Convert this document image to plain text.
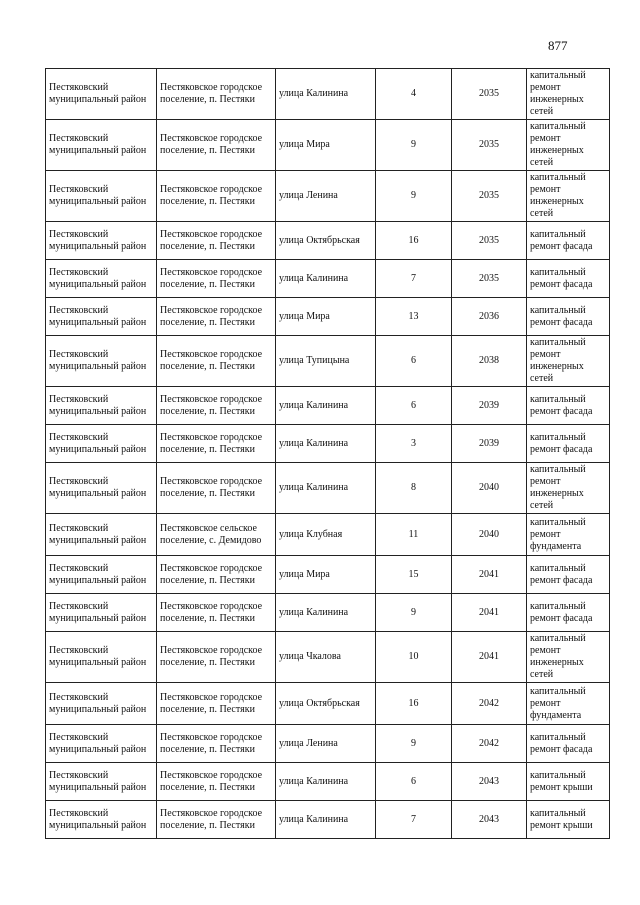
877
Пестяковский муниципальный район	Пестяковское городское поселение, п. Пестяки	улица Калинина	4	2035	капитальный ремонт инженерных сетей
Пестяковский муниципальный район	Пестяковское городское поселение, п. Пестяки	улица Мира	9	2035	капитальный ремонт инженерных сетей
Пестяковский муниципальный район	Пестяковское городское поселение, п. Пестяки	улица Ленина	9	2035	капитальный ремонт инженерных сетей
Пестяковский муниципальный район	Пестяковское городское поселение, п. Пестяки	улица Октябрьская	16	2035	капитальный ремонт фасада
Пестяковский муниципальный район	Пестяковское городское поселение, п. Пестяки	улица Калинина	7	2035	капитальный ремонт фасада
Пестяковский муниципальный район	Пестяковское городское поселение, п. Пестяки	улица Мира	13	2036	капитальный ремонт фасада
Пестяковский муниципальный район	Пестяковское городское поселение, п. Пестяки	улица Тупицына	6	2038	капитальный ремонт инженерных сетей
Пестяковский муниципальный район	Пестяковское городское поселение, п. Пестяки	улица Калинина	6	2039	капитальный ремонт фасада
Пестяковский муниципальный район	Пестяковское городское поселение, п. Пестяки	улица Калинина	3	2039	капитальный ремонт фасада
Пестяковский муниципальный район	Пестяковское городское поселение, п. Пестяки	улица Калинина	8	2040	капитальный ремонт инженерных сетей
Пестяковский муниципальный район	Пестяковское сельское поселение, с. Демидово	улица Клубная	11	2040	капитальный ремонт фундамента
Пестяковский муниципальный район	Пестяковское городское поселение, п. Пестяки	улица Мира	15	2041	капитальный ремонт фасада
Пестяковский муниципальный район	Пестяковское городское поселение, п. Пестяки	улица Калинина	9	2041	капитальный ремонт фасада
Пестяковский муниципальный район	Пестяковское городское поселение, п. Пестяки	улица Чкалова	10	2041	капитальный ремонт инженерных сетей
Пестяковский муниципальный район	Пестяковское городское поселение, п. Пестяки	улица Октябрьская	16	2042	капитальный ремонт фундамента
Пестяковский муниципальный район	Пестяковское городское поселение, п. Пестяки	улица Ленина	9	2042	капитальный ремонт фасада
Пестяковский муниципальный район	Пестяковское городское поселение, п. Пестяки	улица Калинина	6	2043	капитальный ремонт крыши
Пестяковский муниципальный район	Пестяковское городское поселение, п. Пестяки	улица Калинина	7	2043	капитальный ремонт крыши
